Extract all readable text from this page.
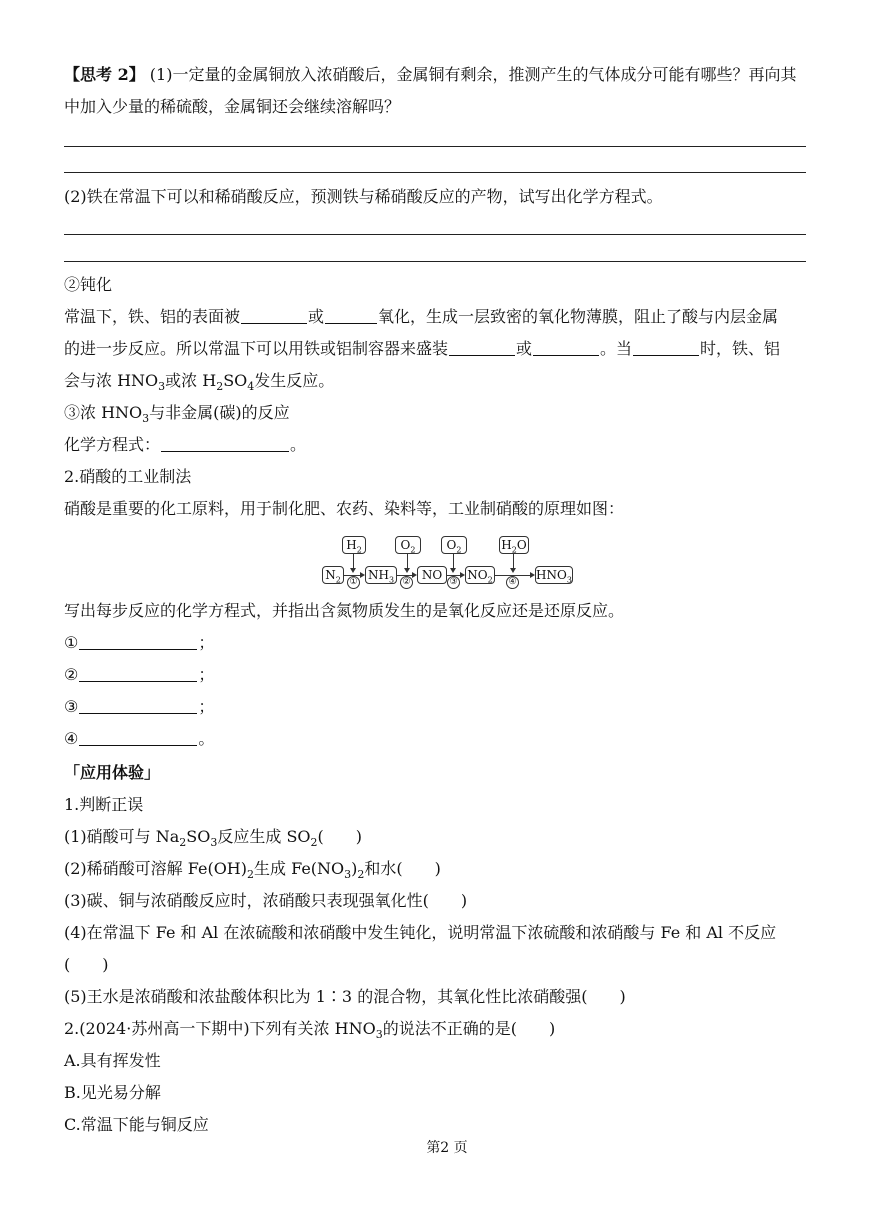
【思考 2】 (1)一定量的金属铜放入浓硝酸后，金属铜有剩余，推测产生的气体成分可能有哪些？再向其
中加入少量的稀硫酸，金属铜还会继续溶解吗？
(2)铁在常温下可以和稀硝酸反应，预测铁与稀硝酸反应的产物，试写出化学方程式。
②钝化
常温下，铁、铝的表面被	或	氧化，生成一层致密的氧化物薄膜，阻止了酸与内层金属
的进一步反应。所以常温下可以用铁或铝制容器来盛装	或	。当	时，铁、铝
会与浓 $HNO_3$或浓 $H_2SO_4$发生反应。
③浓 $HNO_3$与非金属(碳)的反应
化学方程式：	。
2.硝酸的工业制法
硝酸是重要的化工原料，用于制化肥、农药、染料等，工业制硝酸的原理如图：
$H_2$	$O_2$	$O_2$	$H_2O$
$N_2$ $NH_3$	NO	$NO_2$	$HNO_3$
①	②	③	④
写出每步反应的化学方程式，并指出含氮物质发生的是氧化反应还是还原反应。
①	；
②	；
③	；
④	。
「应用体验」
1.判断正误
(1)硝酸可与 $Na_2SO_3$反应生成 $SO_2$(　　)
(2)稀硝酸可溶解 $Fe(OH)_2$生成 $Fe(NO_3)_2$和水(　　)
(3)碳、铜与浓硝酸反应时，浓硝酸只表现强氧化性(　　)
(4)在常温下 Fe 和 Al 在浓硫酸和浓硝酸中发生钝化，说明常温下浓硫酸和浓硝酸与 Fe 和 Al 不反应
(　　)
(5)王水是浓硝酸和浓盐酸体积比为 1∶3 的混合物，其氧化性比浓硝酸强(　　)
2.(2024·苏州高一下期中)下列有关浓 $HNO_3$的说法不正确的是(　　)
A.具有挥发性
B.见光易分解
C.常温下能与铜反应
第2 页
